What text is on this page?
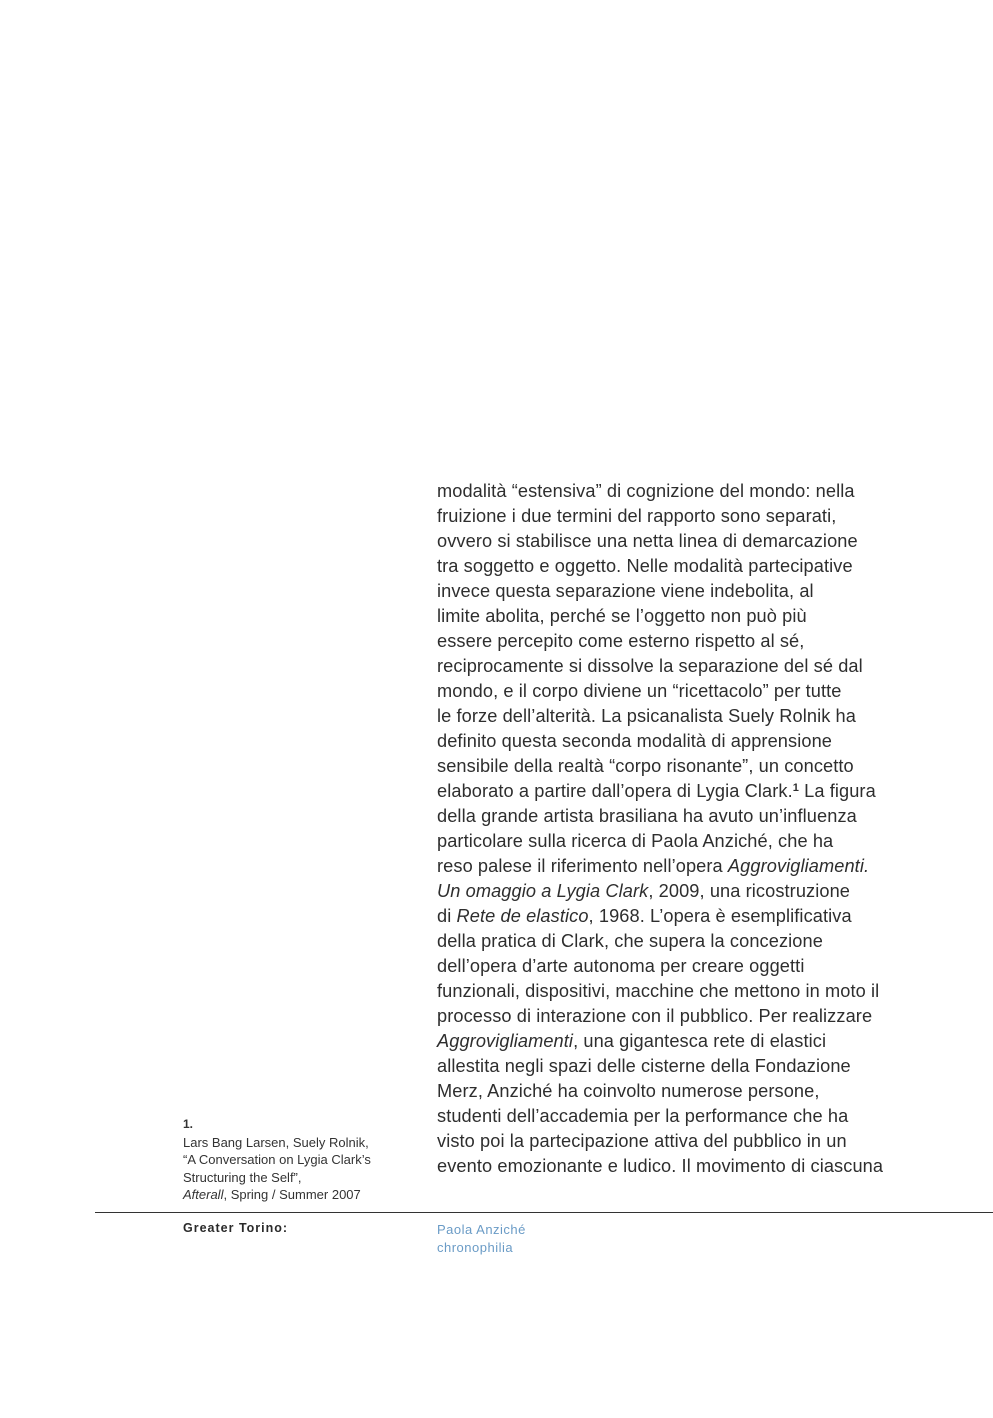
modalità “estensiva” di cognizione del mondo: nella
fruizione i due termini del rapporto sono separati,
ovvero si stabilisce una netta linea di demarcazione
tra soggetto e oggetto. Nelle modalità partecipative
invece questa separazione viene indebolita, al
limite abolita, perché se l’oggetto non può più
essere percepito come esterno rispetto al sé,
reciprocamente si dissolve la separazione del sé dal
mondo, e il corpo diviene un “ricettacolo” per tutte
le forze dell’alterità. La psicanalista Suely Rolnik ha
definito questa seconda modalità di apprensione
sensibile della realtà “corpo risonante”, un concetto
elaborato a partire dall’opera di Lygia Clark.$^1$ La figura
della grande artista brasiliana ha avuto un’influenza
particolare sulla ricerca di Paola Anziché, che ha
reso palese il riferimento nell’opera Aggrovigliamenti.
Un omaggio a Lygia Clark, 2009, una ricostruzione
di Rete de elastico, 1968. L’opera è esemplificativa
della pratica di Clark, che supera la concezione
dell’opera d’arte autonoma per creare oggetti
funzionali, dispositivi, macchine che mettono in moto il
processo di interazione con il pubblico. Per realizzare
Aggrovigliamenti, una gigantesca rete di elastici
allestita negli spazi delle cisterne della Fondazione
Merz, Anziché ha coinvolto numerose persone,
studenti dell’accademia per la performance che ha
visto poi la partecipazione attiva del pubblico in un
evento emozionante e ludico. Il movimento di ciascuna

1.
Lars Bang Larsen, Suely Rolnik,
“A Conversation on Lygia Clark’s
Structuring the Self”,
Afterall, Spring / Summer 2007
Greater Torino:	Paola Anziché
chronophilia
